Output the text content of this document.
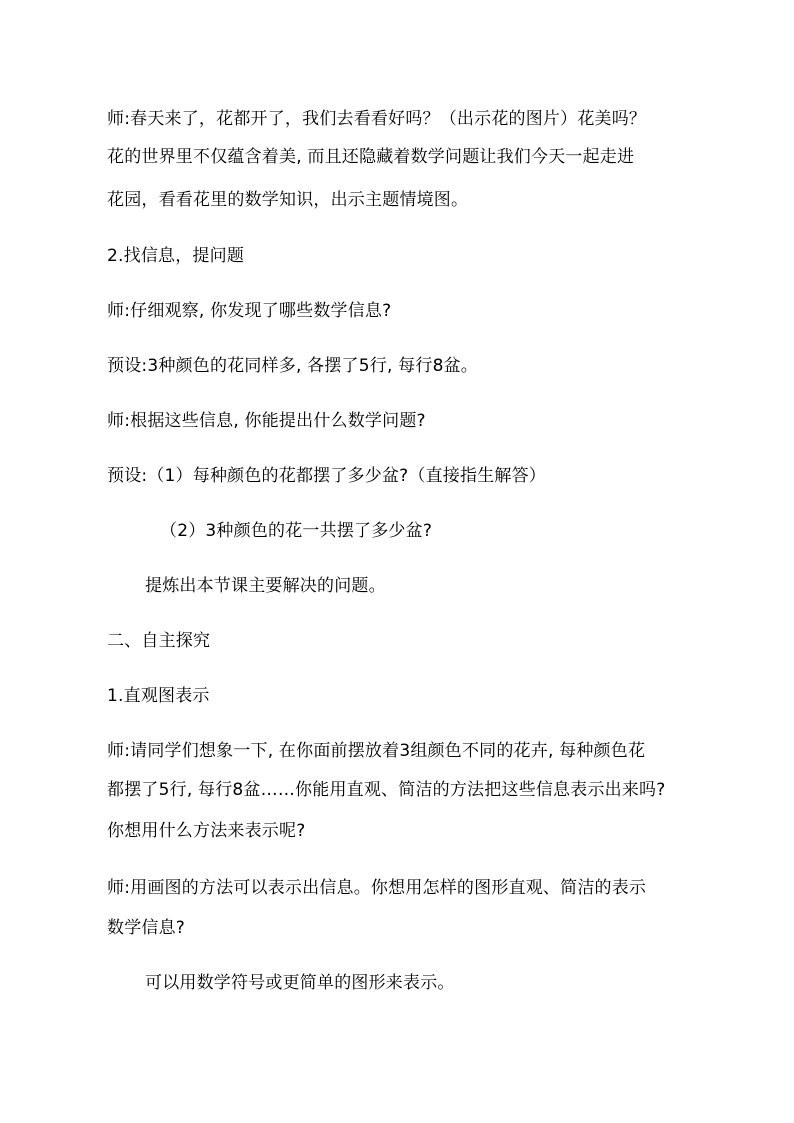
师:春天来了，花都开了，我们去看看好吗？（出示花的图片）花美吗？
花的世界里不仅蕴含着美, 而且还隐藏着数学问题让我们今天一起走进
花园，看看花里的数学知识，出示主题情境图。
2.找信息，提问题
师:仔细观察, 你发现了哪些数学信息?
预设:3种颜色的花同样多, 各摆了5行, 每行8盆。
师:根据这些信息, 你能提出什么数学问题?
预设:（1）每种颜色的花都摆了多少盆?（直接指生解答）
（2）3种颜色的花一共摆了多少盆?
提炼出本节课主要解决的问题。
二、自主探究
1.直观图表示
师:请同学们想象一下, 在你面前摆放着3组颜色不同的花卉, 每种颜色花
都摆了5行, 每行8盆……你能用直观、简洁的方法把这些信息表示出来吗?
你想用什么方法来表示呢?
师:用画图的方法可以表示出信息。你想用怎样的图形直观、简洁的表示
数学信息?
可以用数学符号或更简单的图形来表示。
